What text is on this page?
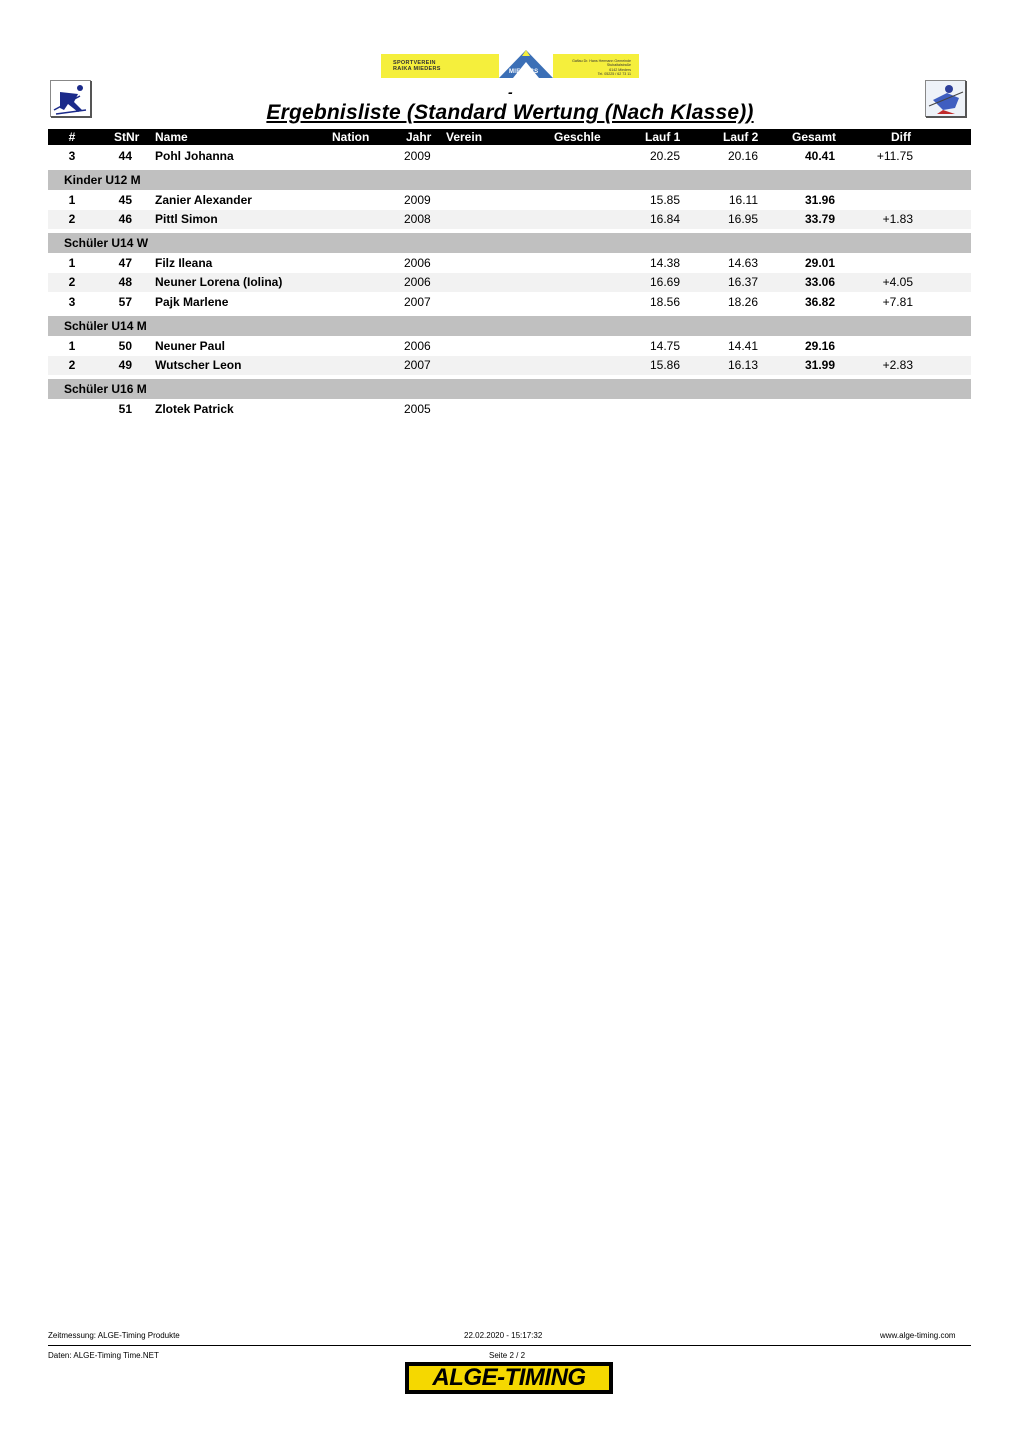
SPORTVEREIN
RAIKA MIEDERS	MIEDERS
Gaflau Dr. Hans Hermann Gemeinde
Stubaitalstraße
6142 Mieders
Tel. 05225 / 62 73 11
-
Ergebnisliste (Standard Wertung (Nach Klasse))
#	StNr Name	Nation	Jahr Verein	Geschle	Lauf 1	Lauf 2	Gesamt	Diff
3	44 Pohl Johanna	2009	20.25	20.16	40.41	+11.75
Kinder U12 M
1	45 Zanier Alexander	2009	15.85	16.11	31.96
2	46 Pittl Simon	2008	16.84	16.95	33.79	+1.83
Schüler U14 W
1	47 Filz Ileana	2006	14.38	14.63	29.01
2	48 Neuner Lorena (Iolina)	2006	16.69	16.37	33.06	+4.05
3	57 Pajk Marlene	2007	18.56	18.26	36.82	+7.81
Schüler U14 M
1	50 Neuner Paul	2006	14.75	14.41	29.16
2	49 Wutscher Leon	2007	15.86	16.13	31.99	+2.83
Schüler U16 M
51 Zlotek Patrick	2005
Zeitmessung: ALGE-Timing Produkte	22.02.2020 - 15:17:32	www.alge-timing.com
Daten: ALGE-Timing Time.NET	Seite 2 / 2
ALGE-TIMING
